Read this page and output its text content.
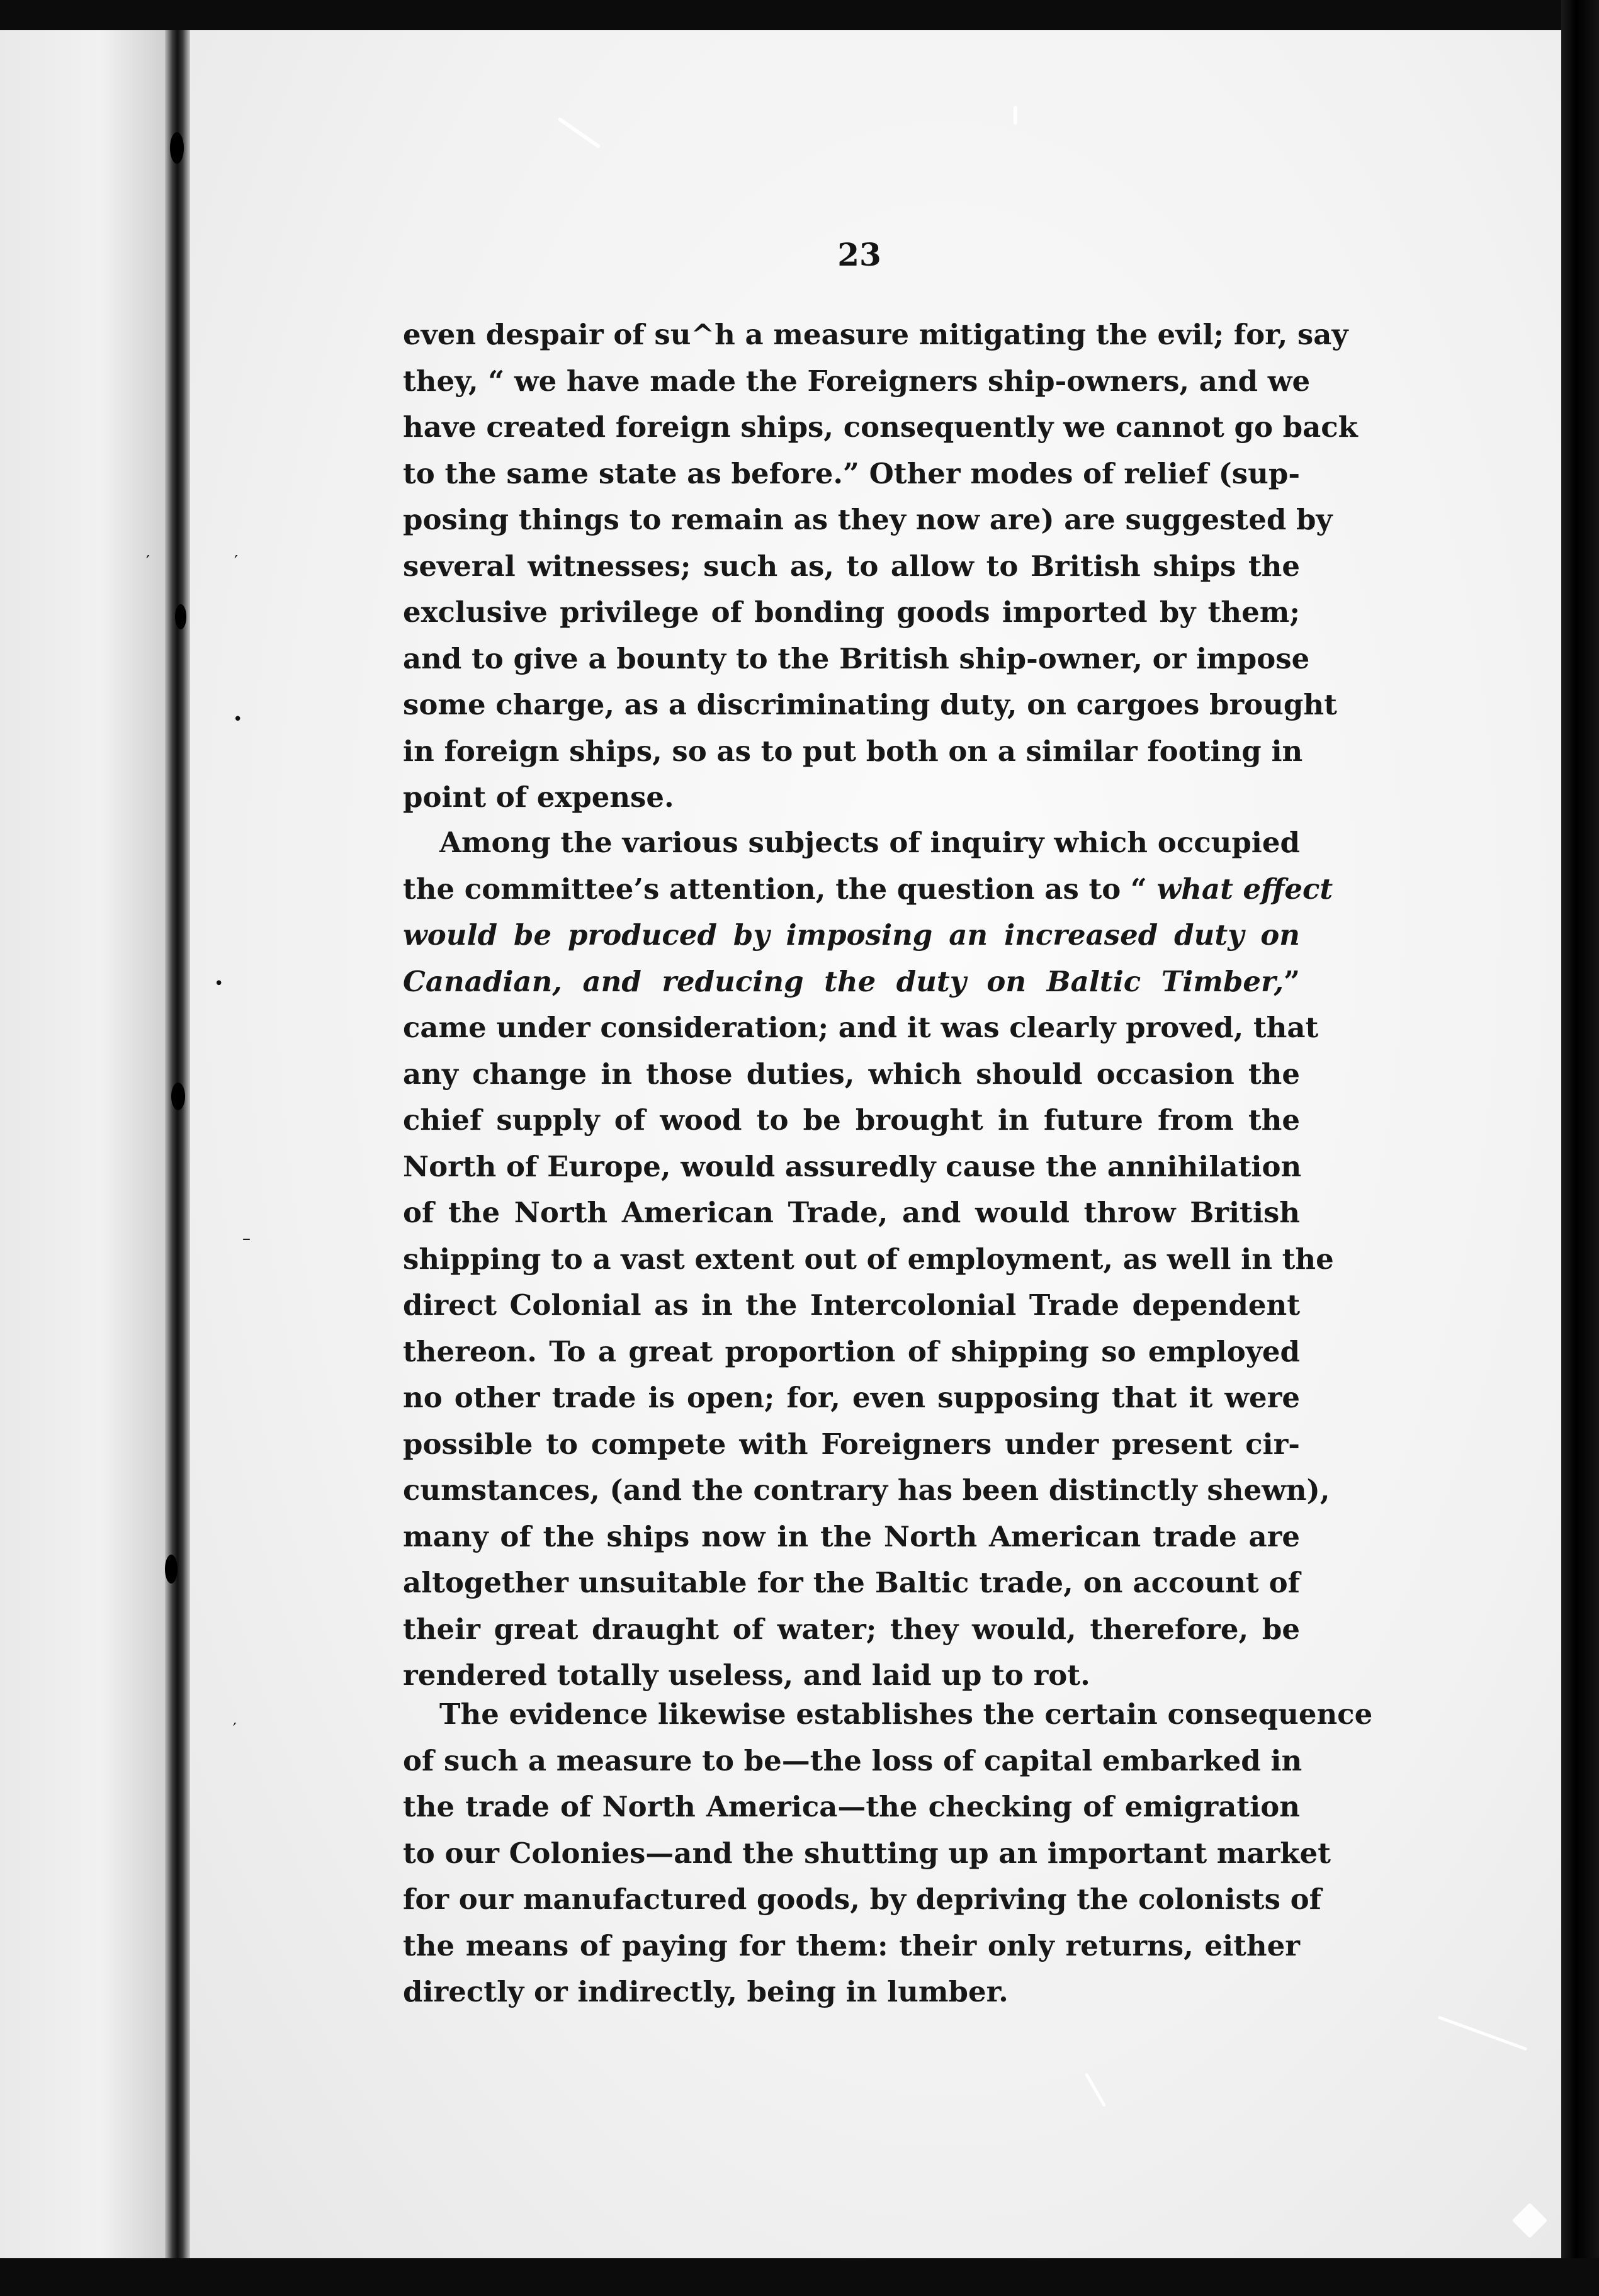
′	′
•
•
–
′
23
even despair of su^h a measure mitigating the evil; for, say
they, “ we have made the Foreigners ship-owners, and we
have created foreign ships, consequently we cannot go back
to the same state as before.” Other modes of relief (sup-
posing things to remain as they now are) are suggested by
several witnesses; such as, to allow to British ships the
exclusive privilege of bonding goods imported by them;
and to give a bounty to the British ship-owner, or impose
some charge, as a discriminating duty, on cargoes brought
in foreign ships, so as to put both on a similar footing in
point of expense.
Among the various subjects of inquiry which occupied
the committee’s attention, the question as to “ what effect
would be produced by imposing an increased duty on
Canadian, and reducing the duty on Baltic Timber,”
came under consideration; and it was clearly proved, that
any change in those duties, which should occasion the
chief supply of wood to be brought in future from the
North of Europe, would assuredly cause the annihilation
of the North American Trade, and would throw British
shipping to a vast extent out of employment, as well in the
direct Colonial as in the Intercolonial Trade dependent
thereon. To a great proportion of shipping so employed
no other trade is open; for, even supposing that it were
possible to compete with Foreigners under present cir-
cumstances, (and the contrary has been distinctly shewn),
many of the ships now in the North American trade are
altogether unsuitable for the Baltic trade, on account of
their great draught of water; they would, therefore, be
rendered totally useless, and laid up to rot.
The evidence likewise establishes the certain consequence
of such a measure to be—the loss of capital embarked in
the trade of North America—the checking of emigration
to our Colonies—and the shutting up an important market
for our manufactured goods, by depriving the colonists of
the means of paying for them: their only returns, either
directly or indirectly, being in lumber.
